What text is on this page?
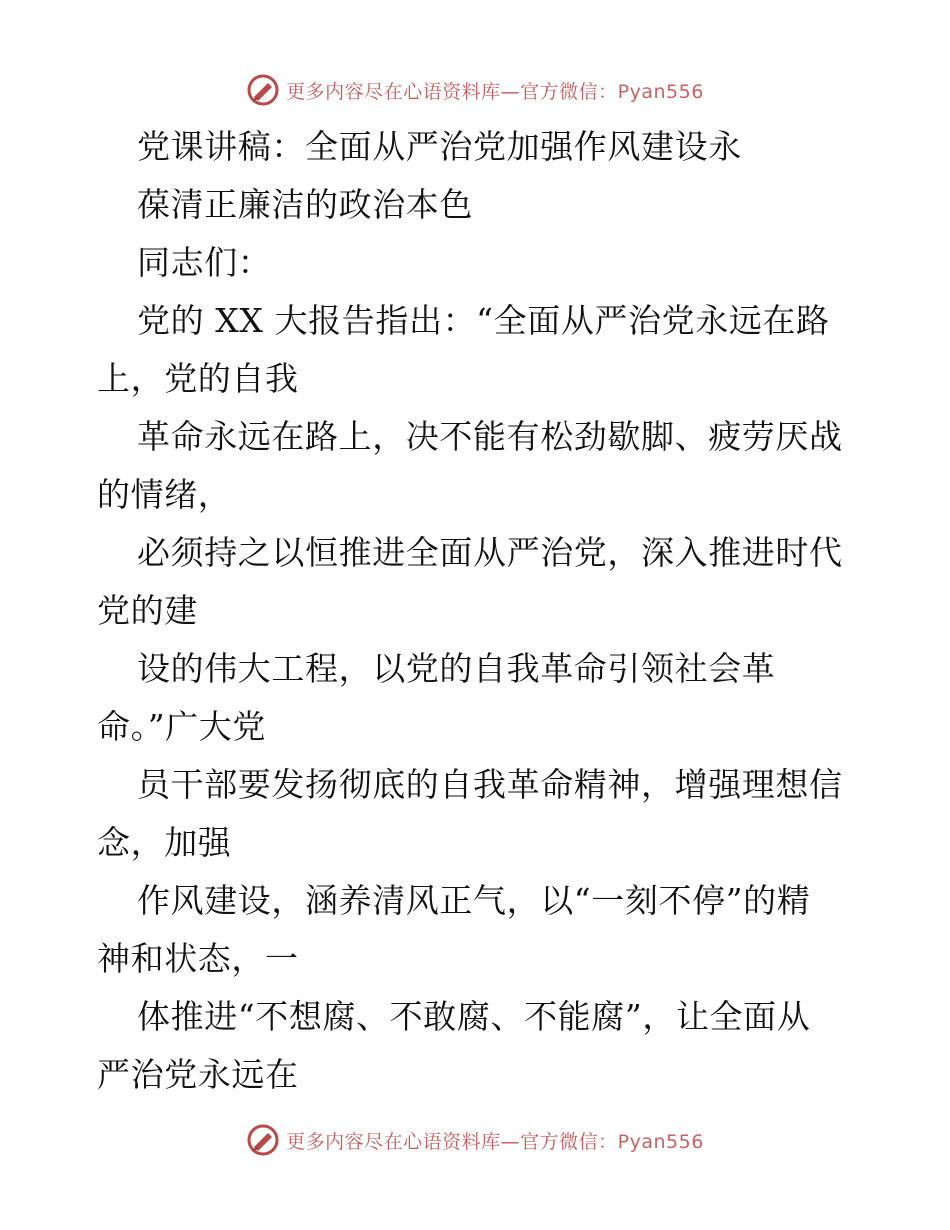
更多内容尽在心语资料库—官方微信：Pyan556
党课讲稿：全面从严治党加强作风建设永
葆清正廉洁的政治本色
同志们：
党的 XX 大报告指出：“全面从严治党永远在路
上，党的自我
革命永远在路上，决不能有松劲歇脚、疲劳厌战
的情绪，
必须持之以恒推进全面从严治党，深入推进时代
党的建
设的伟大工程，以党的自我革命引领社会革
命。”广大党
员干部要发扬彻底的自我革命精神，增强理想信
念，加强
作风建设，涵养清风正气，以“一刻不停”的精
神和状态，一
体推进“不想腐、不敢腐、不能腐”，让全面从
严治党永远在
更多内容尽在心语资料库—官方微信：Pyan556
